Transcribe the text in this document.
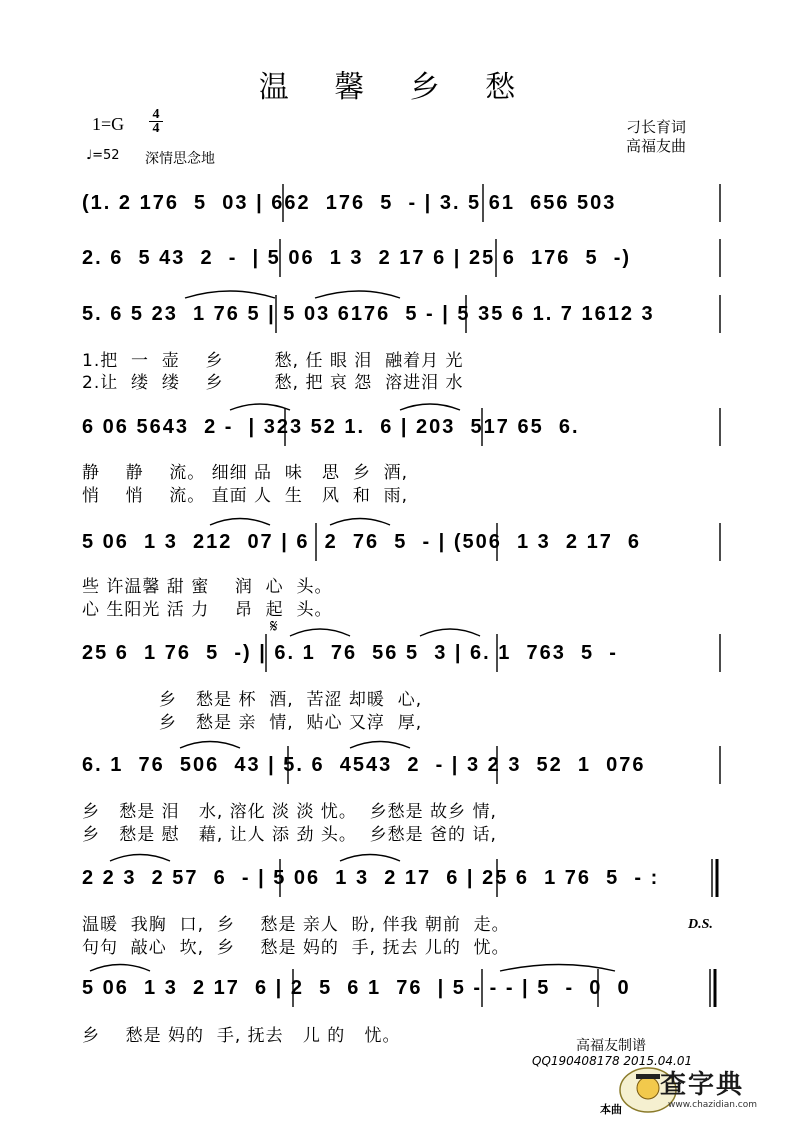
温 馨 乡 愁
1=G	4
4
♩=52 深情思念地
刁长育词
高福友曲
(1. 2 176  5  03 | 662  176  5  - | 3. 5 61  656 503
2. 6  5 43  2  -  | 5 06  1 3  2 17 6 | 25 6  176  5  -)
5. 6 5 23  1 76 5 | 5 03 6176  5 - | 5 35 6 1. 7 1612 3
6 06 5643  2 -  | 323 52 1.  6 | 203  517 65  6.
5 06  1 3  212  07 | 6  2  76  5  - | (506  1 3  2 17  6
25 6  1 76  5  -) | 6. 1  76  56 5  3 | 6. 1  763  5  -
6. 1  76  506  43 | 5. 6  4543  2  - | 3 2 3  52  1  076
2 2 3  2 57  6  - | 5 06  1 3  2 17  6 | 25 6  1 76  5  - :
5 06  1 3  2 17  6 | 2  5  6 1  76  | 5 - - - | 5  -  0  0
1.把  一  壶    乡        愁, 任 眼 泪  融着月 光
2.让  缕  缕    乡        愁, 把 哀 怨  溶进泪 水
静    静    流。 细细 品  味   思  乡  酒,
悄    悄    流。 直面 人  生   风  和  雨,
些 许温馨 甜 蜜    润  心  头。
心 生阳光 活 力    昂  起  头。
乡   愁是 杯  酒,  苦涩 却暖  心,
乡   愁是 亲  情,  贴心 又淳  厚,
乡   愁是 泪   水, 溶化 淡 淡 忧。  乡愁是 故乡 情,
乡   愁是 慰   藉, 让人 添 劲 头。  乡愁是 爸的 话,
温暖  我胸  口,  乡    愁是 亲人  盼, 伴我 朝前  走。
句句  敲心  坎,  乡    愁是 妈的  手, 抚去 儿的  忧。
乡    愁是 妈的  手, 抚去   儿 的   忧。
𝄋
D.S.
高福友制谱
QQ190408178 2015.04.01
查字典
www.chazidian.com
本曲
